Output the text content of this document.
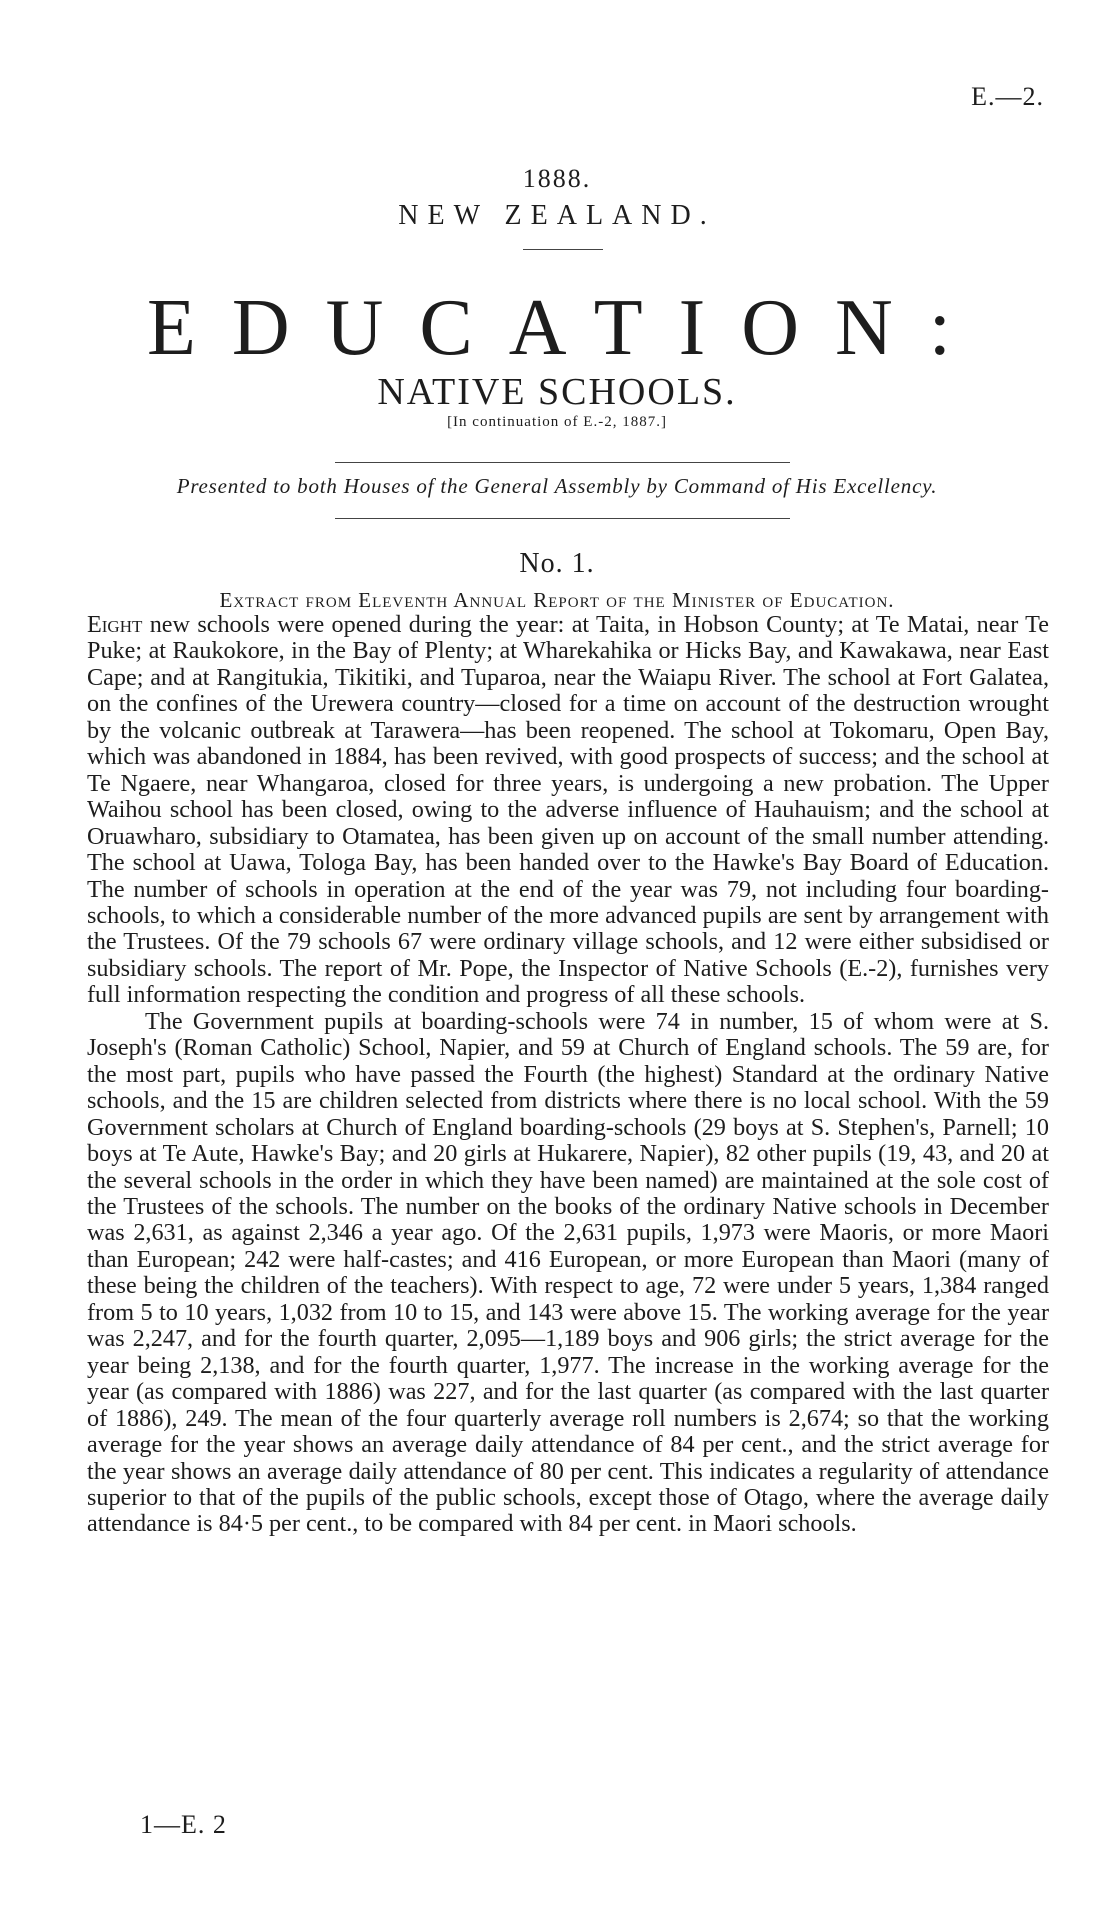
E.—2.
1888.
NEW ZEALAND.
EDUCATION:
NATIVE SCHOOLS.
[In continuation of E.-2, 1887.]
Presented to both Houses of the General Assembly by Command of His Excellency.
No. 1.
Extract from Eleventh Annual Report of the Minister of Education.

Eight new schools were opened during the year: at Taita, in Hobson County; at Te Matai, near Te Puke; at Raukokore, in the Bay of Plenty; at Wharekahika or Hicks Bay, and Kawakawa, near East Cape; and at Rangitukia, Tikitiki, and Tuparoa, near the Waiapu River. The school at Fort Galatea, on the confines of the Urewera country—closed for a time on account of the destruction wrought by the volcanic outbreak at Tarawera—has been reopened. The school at Tokomaru, Open Bay, which was abandoned in 1884, has been revived, with good prospects of success; and the school at Te Ngaere, near Whangaroa, closed for three years, is undergoing a new probation. The Upper Waihou school has been closed, owing to the adverse influence of Hauhauism; and the school at Oruawharo, subsidiary to Otamatea, has been given up on account of the small number attending. The school at Uawa, Tologa Bay, has been handed over to the Hawke's Bay Board of Education. The number of schools in operation at the end of the year was 79, not including four boarding-schools, to which a considerable number of the more advanced pupils are sent by arrangement with the Trustees. Of the 79 schools 67 were ordinary village schools, and 12 were either subsidised or subsidiary schools. The report of Mr. Pope, the Inspector of Native Schools (E.-2), furnishes very full information respecting the condition and progress of all these schools.

The Government pupils at boarding-schools were 74 in number, 15 of whom were at S. Joseph's (Roman Catholic) School, Napier, and 59 at Church of England schools. The 59 are, for the most part, pupils who have passed the Fourth (the highest) Standard at the ordinary Native schools, and the 15 are children selected from districts where there is no local school. With the 59 Government scholars at Church of England boarding-schools (29 boys at S. Stephen's, Parnell; 10 boys at Te Aute, Hawke's Bay; and 20 girls at Hukarere, Napier), 82 other pupils (19, 43, and 20 at the several schools in the order in which they have been named) are maintained at the sole cost of the Trustees of the schools. The number on the books of the ordinary Native schools in December was 2,631, as against 2,346 a year ago. Of the 2,631 pupils, 1,973 were Maoris, or more Maori than European; 242 were half-castes; and 416 European, or more European than Maori (many of these being the children of the teachers). With respect to age, 72 were under 5 years, 1,384 ranged from 5 to 10 years, 1,032 from 10 to 15, and 143 were above 15. The working average for the year was 2,247, and for the fourth quarter, 2,095—1,189 boys and 906 girls; the strict average for the year being 2,138, and for the fourth quarter, 1,977. The increase in the working average for the year (as compared with 1886) was 227, and for the last quarter (as compared with the last quarter of 1886), 249. The mean of the four quarterly average roll numbers is 2,674; so that the working average for the year shows an average daily attendance of 84 per cent., and the strict average for the year shows an average daily attendance of 80 per cent. This indicates a regularity of attendance superior to that of the pupils of the public schools, except those of Otago, where the average daily attendance is 84·5 per cent., to be compared with 84 per cent. in Maori schools.

1—E. 2
